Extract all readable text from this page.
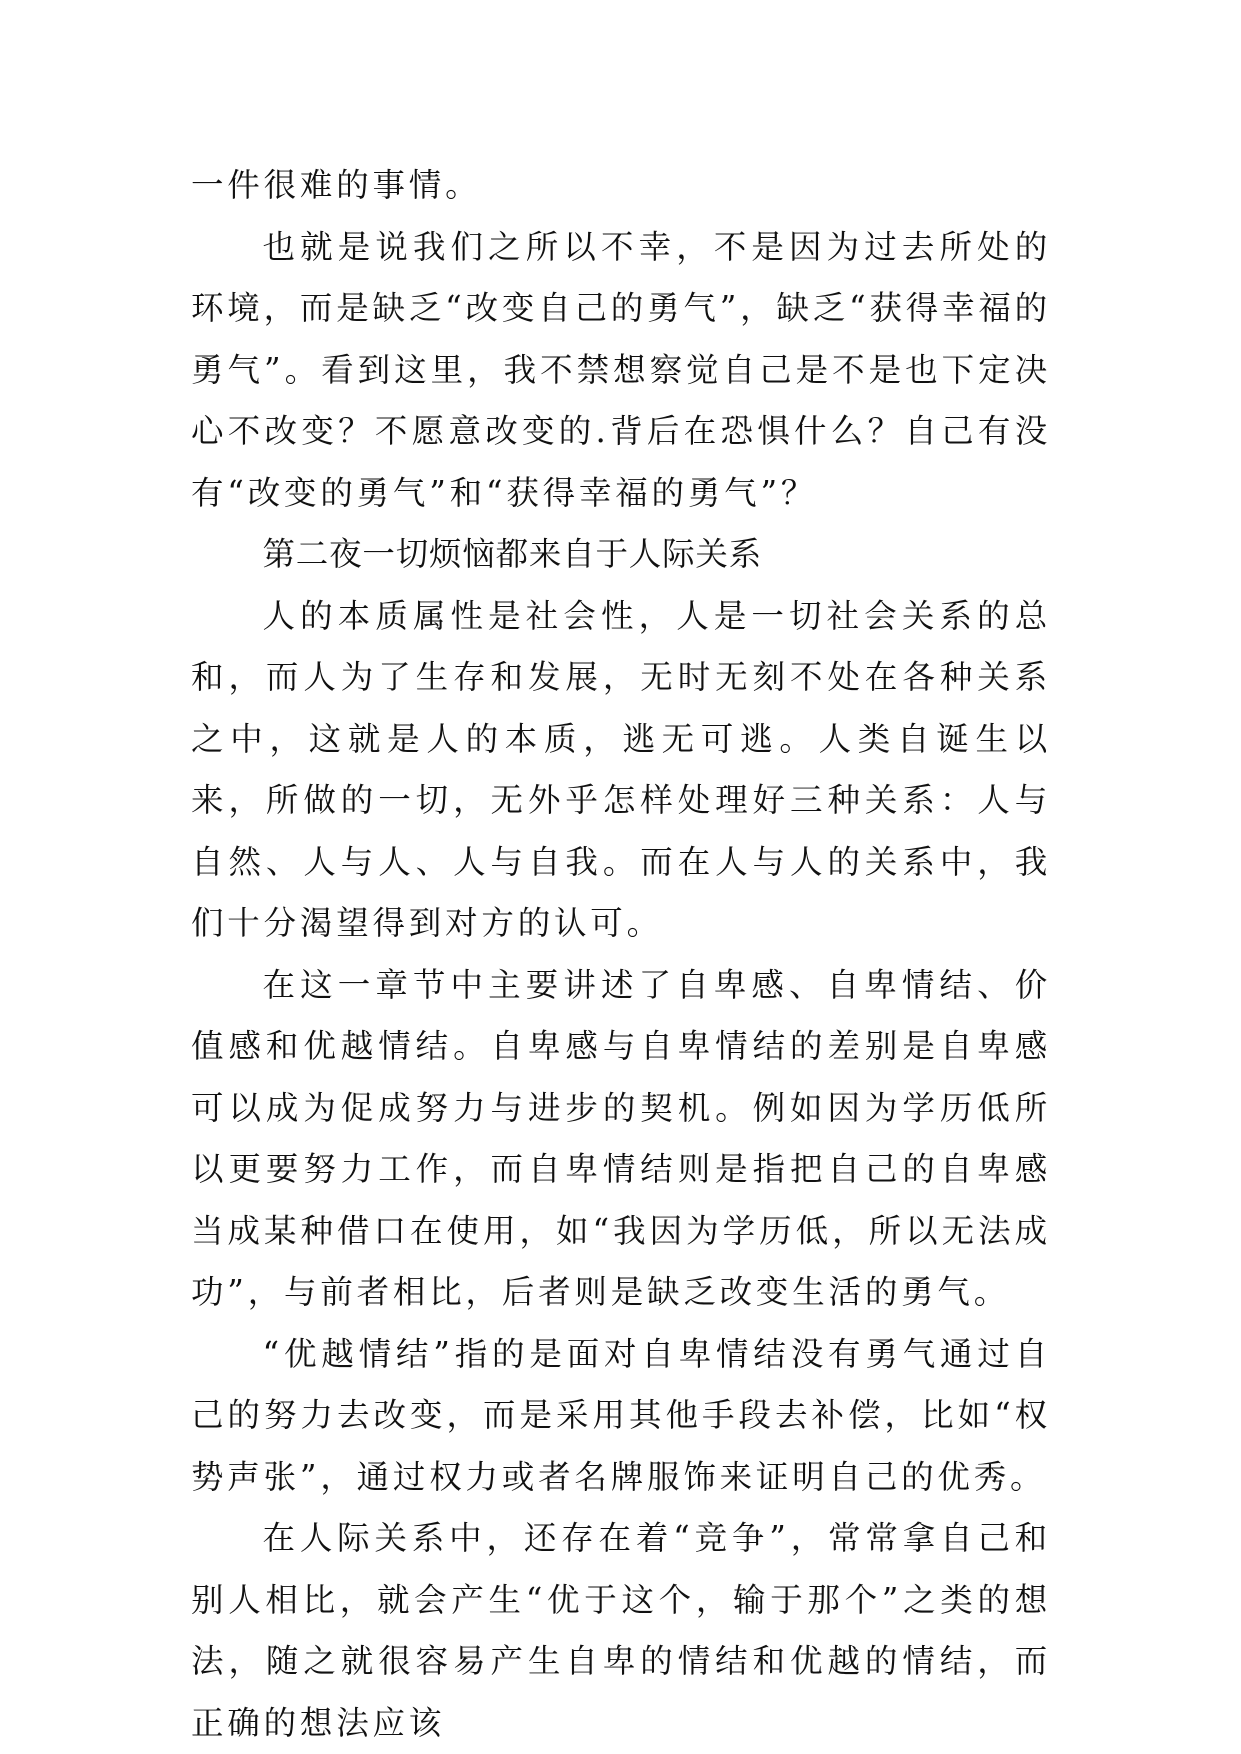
一件很难的事情。

也就是说我们之所以不幸，不是因为过去所处的环境，而是缺乏“改变自己的勇气”，缺乏“获得幸福的勇气”。看到这里，我不禁想察觉自己是不是也下定决心不改变？不愿意改变的.背后在恐惧什么？自己有没有“改变的勇气”和“获得幸福的勇气”？

第二夜一切烦恼都来自于人际关系

人的本质属性是社会性，人是一切社会关系的总和，而人为了生存和发展，无时无刻不处在各种关系之中，这就是人的本质，逃无可逃。人类自诞生以来，所做的一切，无外乎怎样处理好三种关系：人与自然、人与人、人与自我。而在人与人的关系中，我们十分渴望得到对方的认可。

在这一章节中主要讲述了自卑感、自卑情结、价值感和优越情结。自卑感与自卑情结的差别是自卑感可以成为促成努力与进步的契机。例如因为学历低所以更要努力工作，而自卑情结则是指把自己的自卑感当成某种借口在使用，如“我因为学历低，所以无法成功”，与前者相比，后者则是缺乏改变生活的勇气。

“优越情结”指的是面对自卑情结没有勇气通过自己的努力去改变，而是采用其他手段去补偿，比如“权势声张”，通过权力或者名牌服饰来证明自己的优秀。

在人际关系中，还存在着“竞争”，常常拿自己和别人相比，就会产生“优于这个，输于那个”之类的想法，随之就很容易产生自卑的情结和优越的情结，而正确的想法应该
